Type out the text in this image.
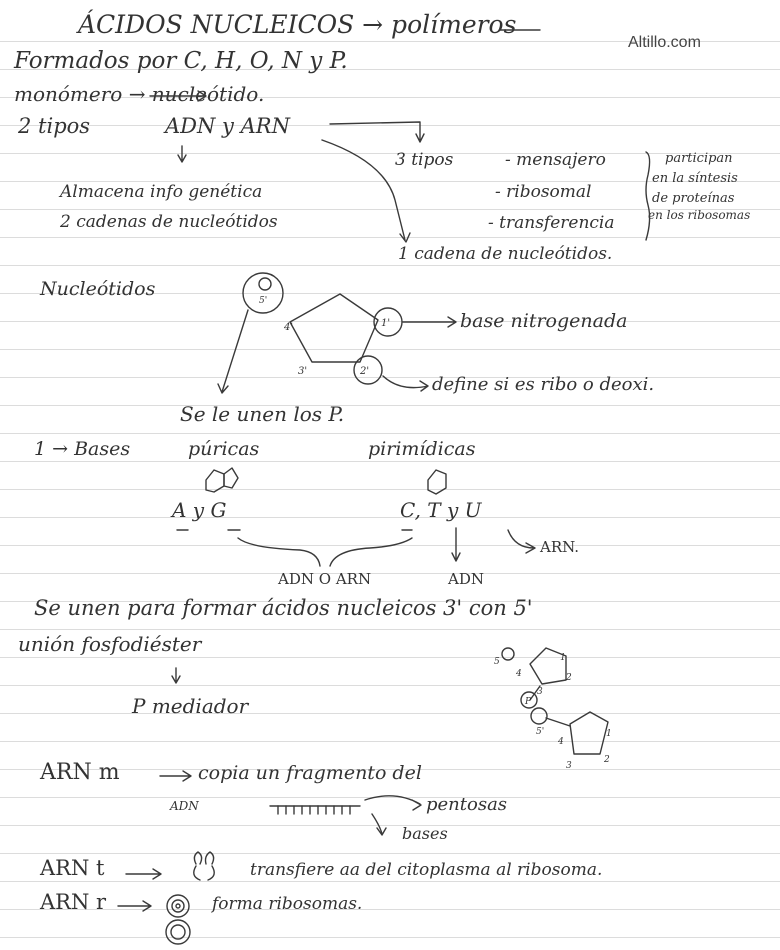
Altillo.com
ÁCIDOS NUCLEICOS → polímeros
Formados por C, H, O, N y P.
monómero → nucleótido.
2 tipos	ADN y ARN
Almacena info genética
2 cadenas de nucleótidos
3 tipos	- mensajero
- ribosomal
- transferencia
participan
en la síntesis
de proteínas
en los ribosomas
1 cadena de nucleótidos.
Nucleótidos
base nitrogenada
define si es ribo o deoxi.
Se le unen los P.
1 → Bases	púricas	pirimídicas
A y G	C, T y U
ARN.
ADN O ARN	ADN
Se unen para formar ácidos nucleicos 3' con 5'
unión fosfodiéster
P mediador
ARN m	copia un fragmento del
ADN	pentosas
bases
ARN t	transfiere aa del citoplasma al ribosoma.
ARN r	forma ribosomas.
5'
1'
2'
4'
3'
5
4
1
2
3
P
5'
4
1
2
3
